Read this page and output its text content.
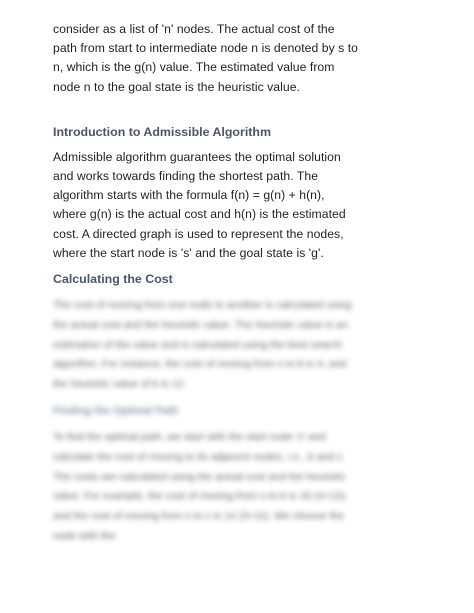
consider as a list of 'n' nodes. The actual cost of the path from start to intermediate node n is denoted by s to n, which is the g(n) value. The estimated value from node n to the goal state is the heuristic value.

Introduction to Admissible Algorithm

Admissible algorithm guarantees the optimal solution and works towards finding the shortest path. The algorithm starts with the formula f(n) = g(n) + h(n), where g(n) is the actual cost and h(n) is the estimated cost. A directed graph is used to represent the nodes, where the start node is 's' and the goal state is 'g'.

Calculating the Cost

The cost of moving from one node to another is calculated using the actual cost and the heuristic value. The heuristic value is an estimation of the value and is calculated using the best search algorithm. For instance, the cost of moving from s to b is 4, and the heuristic value of b is 12.

Finding the Optimal Path

To find the optimal path, we start with the start node 's' and calculate the cost of moving to its adjacent nodes, i.e., b and c. The costs are calculated using the actual cost and the heuristic value. For example, the cost of moving from s to b is 16 (4+12), and the cost of moving from s to c is 14 (3+11). We choose the node with the
